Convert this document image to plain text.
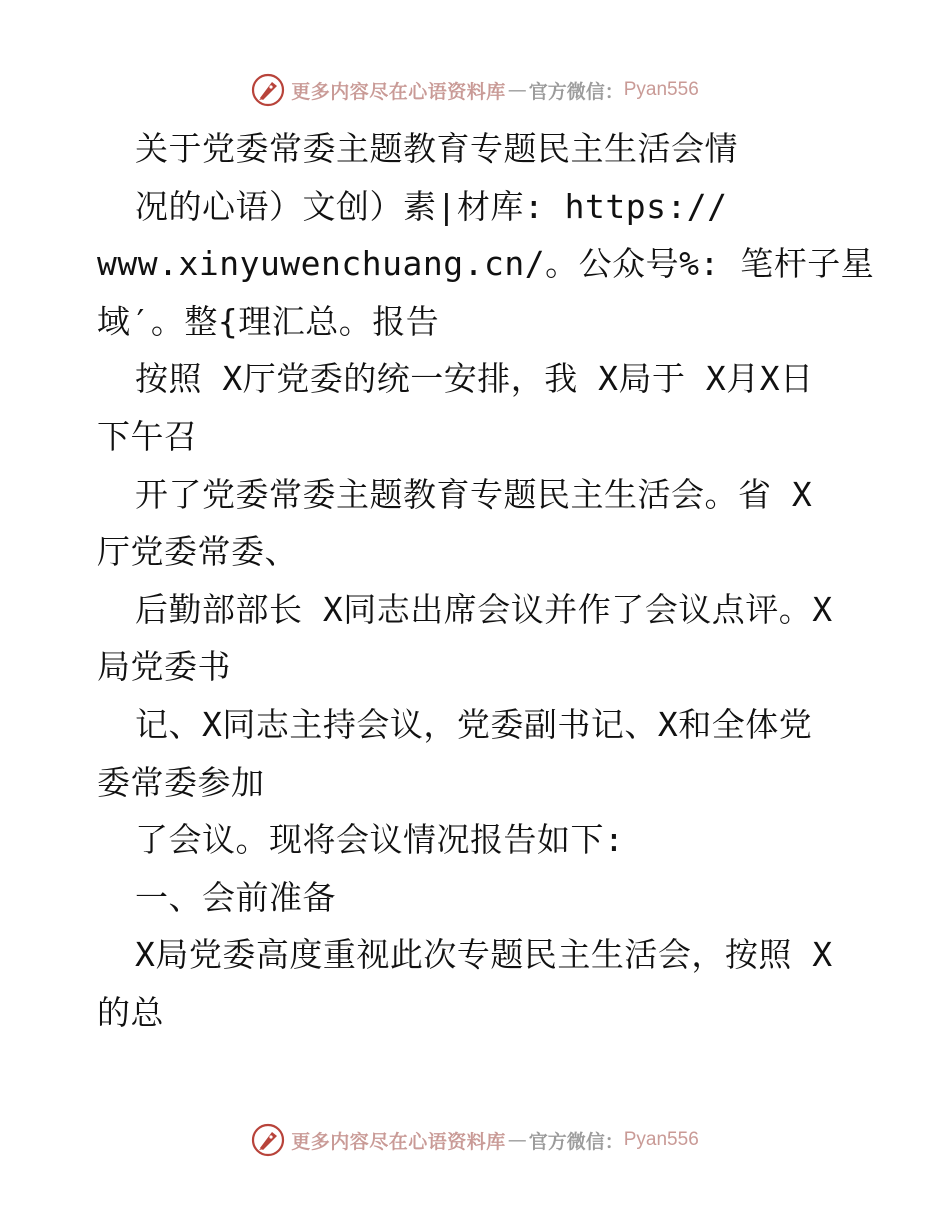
更多内容尽在心语资料库 — 官方微信： Pyan556
关于党委常委主题教育专题民主生活会情
况的心语）文创）素|材库: https://
www.xinyuwenchuang.cn/。公众号%: 笔杆子星
域′。整{理汇总。报告
按照 X厅党委的统一安排，我 X局于 X月X日
下午召
开了党委常委主题教育专题民主生活会。省 X
厅党委常委、
后勤部部长 X同志出席会议并作了会议点评。X
局党委书
记、X同志主持会议，党委副书记、X和全体党
委常委参加
了会议。现将会议情况报告如下:
一、会前准备
X局党委高度重视此次专题民主生活会，按照 X
的总
更多内容尽在心语资料库 — 官方微信： Pyan556
